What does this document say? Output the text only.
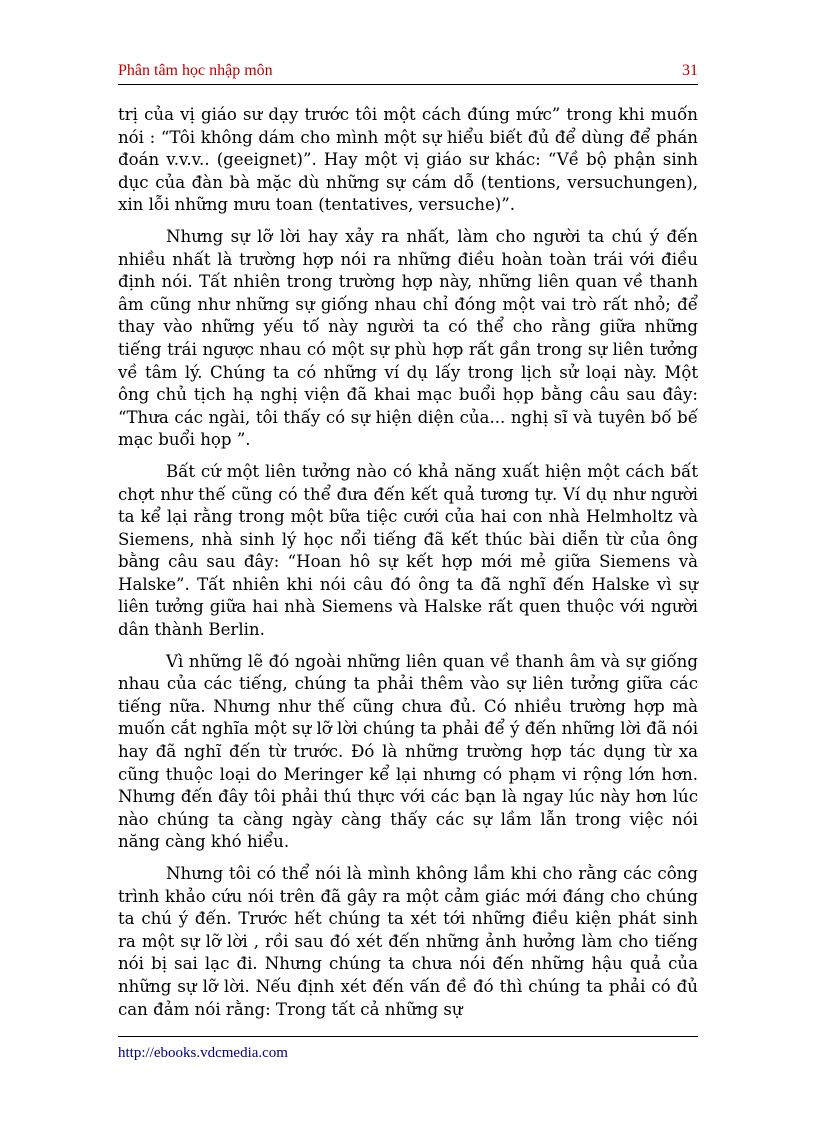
Phân tâm học nhập môn	31

trị của vị giáo sư dạy trước tôi một cách đúng mức” trong khi muốn nói : “Tôi không dám cho mình một sự hiểu biết đủ để dùng để phán đoán v.v.v.. (geeignet)”. Hay một vị giáo sư khác: “Về bộ phận sinh dục của đàn bà mặc dù những sự cám dỗ (tentions, versuchungen), xin lỗi những mưu toan (tentatives, versuche)”.

Nhưng sự lỡ lời hay xảy ra nhất, làm cho người ta chú ý đến nhiều nhất là trường hợp nói ra những điều hoàn toàn trái với điều định nói. Tất nhiên trong trường hợp này, những liên quan về thanh âm cũng như những sự giống nhau chỉ đóng một vai trò rất nhỏ; để thay vào những yếu tố này người ta có thể cho rằng giữa những tiếng trái ngược nhau có một sự phù hợp rất gần trong sự liên tưởng về tâm lý. Chúng ta có những ví dụ lấy trong lịch sử loại này. Một ông chủ tịch hạ nghị viện đã khai mạc buổi họp bằng câu sau đây: “Thưa các ngài, tôi thấy có sự hiện diện của... nghị sĩ và tuyên bố bế mạc buổi họp ”.

Bất cứ một liên tưởng nào có khả năng xuất hiện một cách bất chợt như thế cũng có thể đưa đến kết quả tương tự. Ví dụ như người ta kể lại rằng trong một bữa tiệc cưới của hai con nhà Helmholtz và Siemens, nhà sinh lý học nổi tiếng đã kết thúc bài diễn từ của ông bằng câu sau đây: “Hoan hô sự kết hợp mới mẻ giữa Siemens và Halske”. Tất nhiên khi nói câu đó ông ta đã nghĩ đến Halske vì sự liên tưởng giữa hai nhà Siemens và Halske rất quen thuộc với người dân thành Berlin.

Vì những lẽ đó ngoài những liên quan về thanh âm và sự giống nhau của các tiếng, chúng ta phải thêm vào sự liên tưởng giữa các tiếng nữa. Nhưng như thế cũng chưa đủ. Có nhiều trường hợp mà muốn cắt nghĩa một sự lỡ lời chúng ta phải để ý đến những lời đã nói hay đã nghĩ đến từ trước. Đó là những trường hợp tác dụng từ xa cũng thuộc loại do Meringer kể lại nhưng có phạm vi rộng lớn hơn. Nhưng đến đây tôi phải thú thực với các bạn là ngay lúc này hơn lúc nào chúng ta càng ngày càng thấy các sự lầm lẫn trong việc nói năng càng khó hiểu.

Nhưng tôi có thể nói là mình không lầm khi cho rằng các công trình khảo cứu nói trên đã gây ra một cảm giác mới đáng cho chúng ta chú ý đến. Trước hết chúng ta xét tới những điều kiện phát sinh ra một sự lỡ lời , rồi sau đó xét đến những ảnh hưởng làm cho tiếng nói bị sai lạc đi. Nhưng chúng ta chưa nói đến những hậu quả của những sự lỡ lời. Nếu định xét đến vấn đề đó thì chúng ta phải có đủ can đảm nói rằng: Trong tất cả những sự

http://ebooks.vdcmedia.com
